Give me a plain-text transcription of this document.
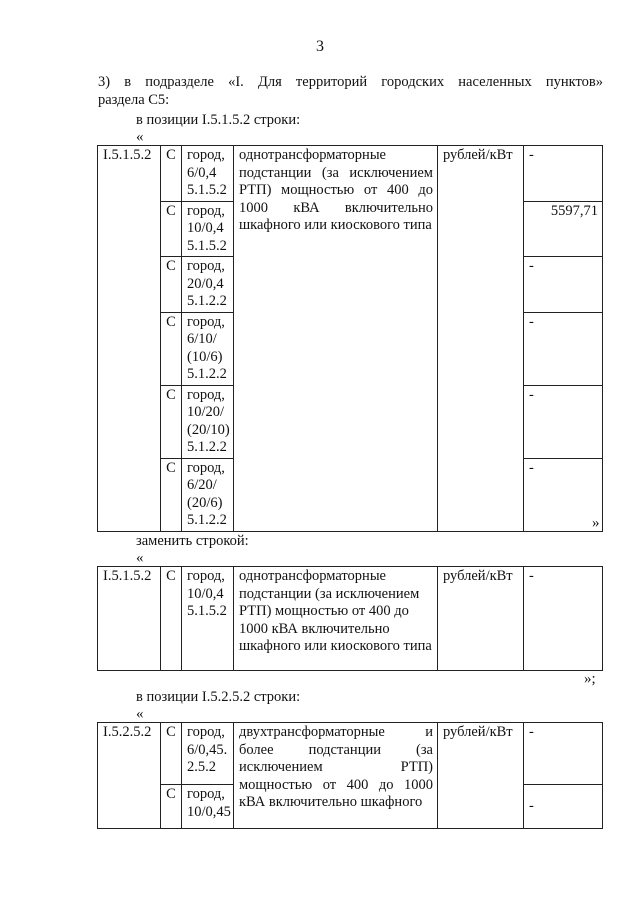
3
3) в подразделе «I. Для территорий городских населенных пунктов»
раздела С5:
в позиции I.5.1.5.2 строки:
«
I.5.1.5.2	С	город, 6/0,4 5.1.5.2	однотрансформаторные подстанции (за исключением РТП) мощностью от 400 до 1000 кВА включительно шкафного или киоскового типа	рублей/кВт	-
	С	город, 10/0,4 5.1.5.2			5597,71
	С	город, 20/0,4 5.1.2.2			-
	С	город, 6/10/ (10/6) 5.1.2.2			-
	С	город, 10/20/ (20/10) 5.1.2.2			-
	С	город, 6/20/ (20/6) 5.1.2.2			-
»
заменить строкой:
«
I.5.1.5.2	С	город, 10/0,4 5.1.5.2	однотрансформаторные подстанции (за исключением РТП) мощностью от 400 до 1000 кВА включительно шкафного или киоскового типа	рублей/кВт	-
»;
в позиции I.5.2.5.2 строки:
«
I.5.2.5.2	С	город, 6/0,45. 2.5.2	двухтрансформаторные и более подстанции (за исключением РТП) мощностью от 400 до 1000 кВА включительно шкафного	рублей/кВт	-
	С	город, 10/0,45			-
